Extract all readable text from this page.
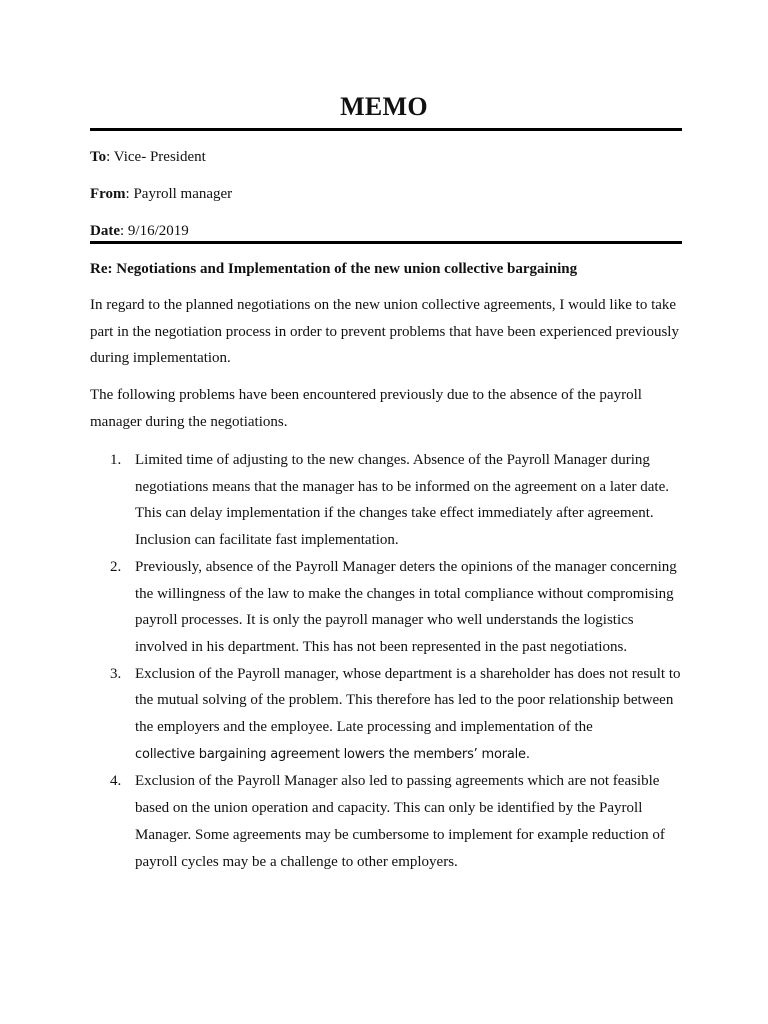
MEMO
To: Vice- President
From: Payroll manager
Date: 9/16/2019
Re: Negotiations and Implementation of the new union collective bargaining

In regard to the planned negotiations on the new union collective agreements, I would like to take part in the negotiation process in order to prevent problems that have been experienced previously during implementation.

The following problems have been encountered previously due to the absence of the payroll manager during the negotiations.

1. Limited time of adjusting to the new changes. Absence of the Payroll Manager during negotiations means that the manager has to be informed on the agreement on a later date. This can delay implementation if the changes take effect immediately after agreement. Inclusion can facilitate fast implementation.
2. Previously, absence of the Payroll Manager deters the opinions of the manager concerning the willingness of the law to make the changes in total compliance without compromising payroll processes. It is only the payroll manager who well understands the logistics involved in his department. This has not been represented in the past negotiations.
3. Exclusion of the Payroll manager, whose department is a shareholder has does not result to the mutual solving of the problem. This therefore has led to the poor relationship between the employers and the employee. Late processing and implementation of the
collective bargaining agreement lowers the members’ morale.
4. Exclusion of the Payroll Manager also led to passing agreements which are not feasible based on the union operation and capacity. This can only be identified by the Payroll Manager. Some agreements may be cumbersome to implement for example reduction of payroll cycles may be a challenge to other employers.
